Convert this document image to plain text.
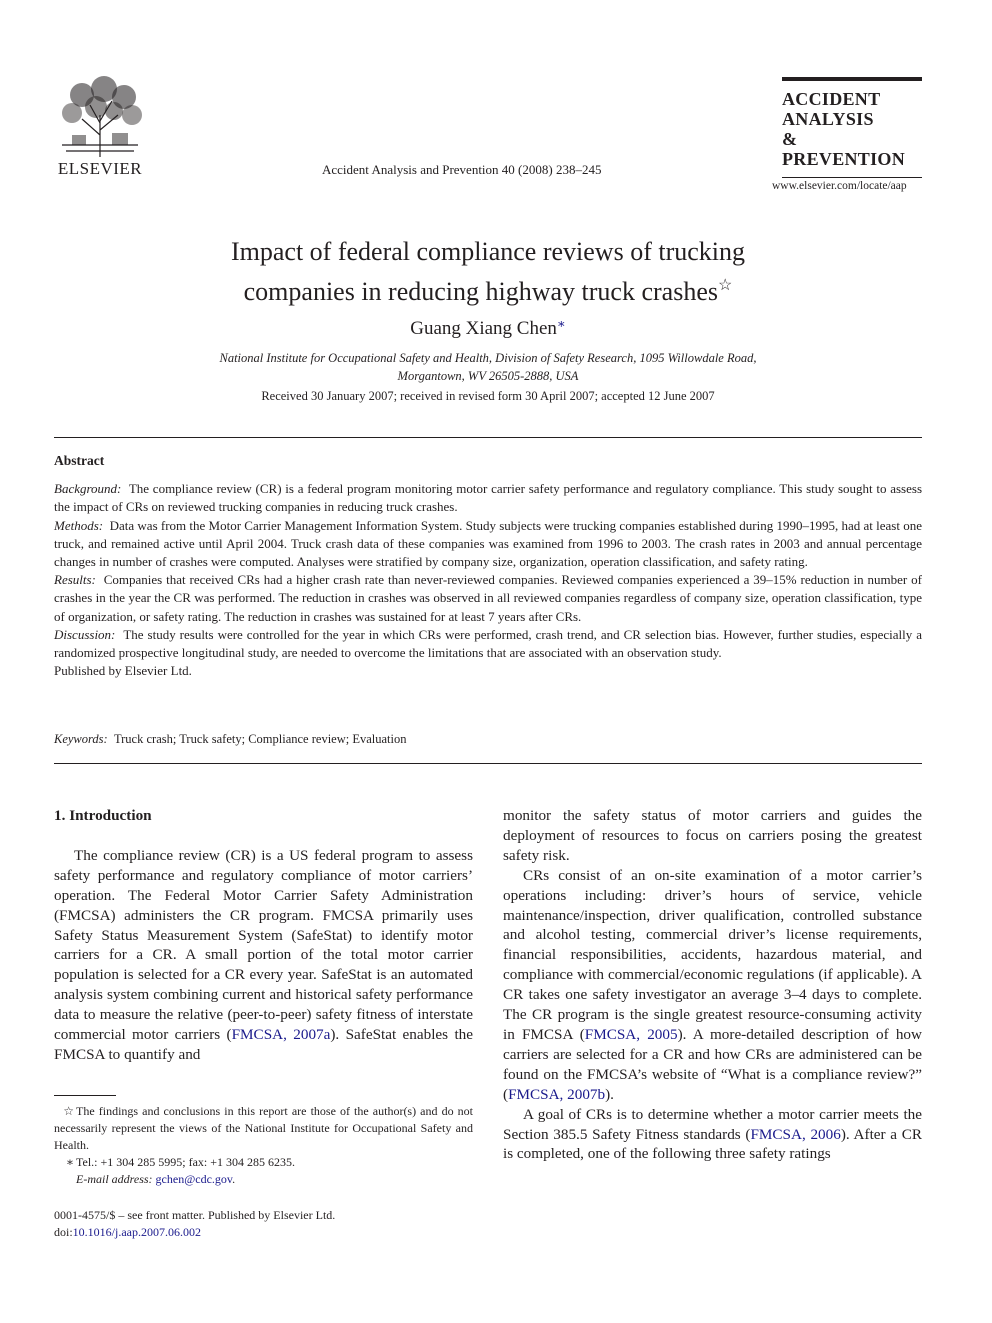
ELSEVIER	Accident Analysis and Prevention 40 (2008) 238–245
ACCIDENT
ANALYSIS
&
PREVENTION
www.elsevier.com/locate/aap
Impact of federal compliance reviews of trucking
companies in reducing highway truck crashes☆
Guang Xiang Chen∗
National Institute for Occupational Safety and Health, Division of Safety Research, 1095 Willowdale Road,
Morgantown, WV 26505-2888, USA
Received 30 January 2007; received in revised form 30 April 2007; accepted 12 June 2007
Abstract

Background: The compliance review (CR) is a federal program monitoring motor carrier safety performance and regulatory compliance. This study sought to assess the impact of CRs on reviewed trucking companies in reducing truck crashes.

Methods: Data was from the Motor Carrier Management Information System. Study subjects were trucking companies established during 1990–1995, had at least one truck, and remained active until April 2004. Truck crash data of these companies was examined from 1996 to 2003. The crash rates in 2003 and annual percentage changes in number of crashes were computed. Analyses were stratified by company size, organization, operation classification, and safety rating.

Results: Companies that received CRs had a higher crash rate than never-reviewed companies. Reviewed companies experienced a 39–15% reduction in number of crashes in the year the CR was performed. The reduction in crashes was observed in all reviewed companies regardless of company size, operation classification, type of organization, or safety rating. The reduction in crashes was sustained for at least 7 years after CRs.

Discussion: The study results were controlled for the year in which CRs were performed, crash trend, and CR selection bias. However, further studies, especially a randomized prospective longitudinal study, are needed to overcome the limitations that are associated with an observation study.

Published by Elsevier Ltd.

Keywords: Truck crash; Truck safety; Compliance review; Evaluation
1. Introduction

The compliance review (CR) is a US federal program to assess safety performance and regulatory compliance of motor carriers’ operation. The Federal Motor Carrier Safety Administration (FMCSA) administers the CR program. FMCSA primarily uses Safety Status Measurement System (SafeStat) to identify motor carriers for a CR. A small portion of the total motor carrier population is selected for a CR every year. SafeStat is an automated analysis system combining current and historical safety performance data to measure the relative (peer-to-peer) safety fitness of interstate commercial motor carriers (FMCSA, 2007a). SafeStat enables the FMCSA to quantify and

monitor the safety status of motor carriers and guides the deployment of resources to focus on carriers posing the greatest safety risk.

CRs consist of an on-site examination of a motor carrier’s operations including: driver’s hours of service, vehicle maintenance/inspection, driver qualification, controlled substance and alcohol testing, commercial driver’s license requirements, financial responsibilities, accidents, hazardous material, and compliance with commercial/economic regulations (if applicable). A CR takes one safety investigator an average 3–4 days to complete. The CR program is the single greatest resource-consuming activity in FMCSA (FMCSA, 2005). A more-detailed description of how carriers are selected for a CR and how CRs are administered can be found on the FMCSA’s website of “What is a compliance review?” (FMCSA, 2007b).

A goal of CRs is to determine whether a motor carrier meets the Section 385.5 Safety Fitness standards (FMCSA, 2006). After a CR is completed, one of the following three safety ratings

☆ The findings and conclusions in this report are those of the author(s) and do not necessarily represent the views of the National Institute for Occupational Safety and Health.

∗ Tel.: +1 304 285 5995; fax: +1 304 285 6235.

E-mail address: gchen@cdc.gov.

0001-4575/$ – see front matter. Published by Elsevier Ltd.
doi:10.1016/j.aap.2007.06.002
